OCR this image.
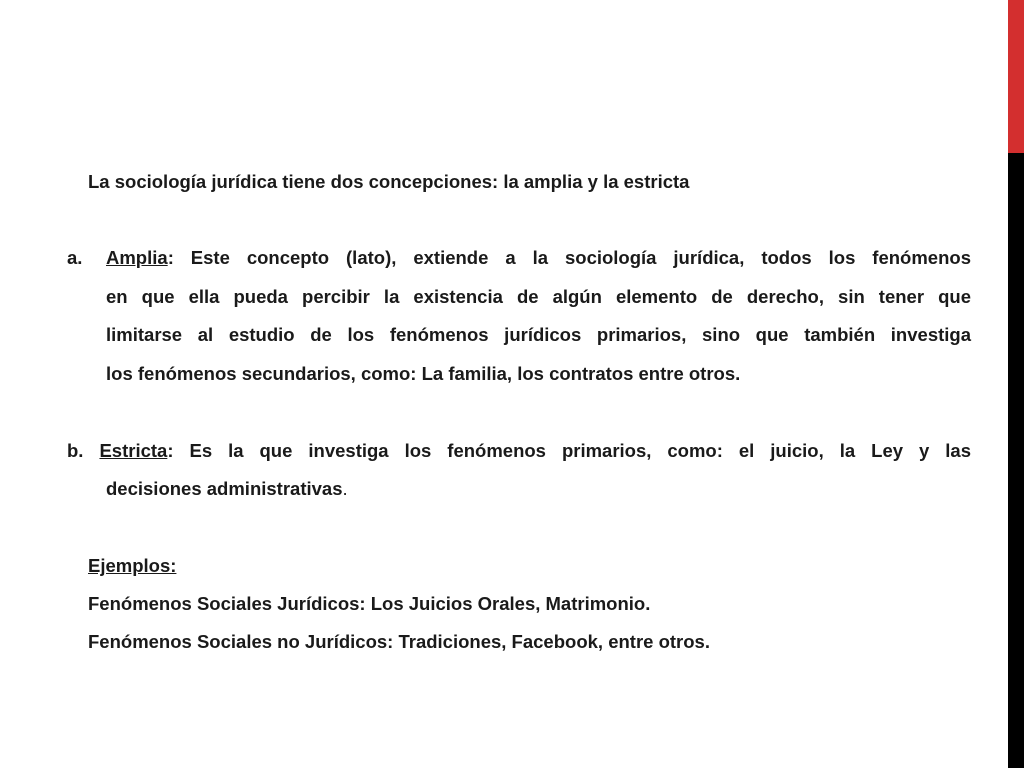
La sociología jurídica tiene dos concepciones: la amplia y la estricta
a. Amplia: Este concepto (lato), extiende a la sociología jurídica, todos los fenómenos
en que ella pueda percibir la existencia de algún elemento de derecho, sin tener que
limitarse al estudio de los fenómenos jurídicos primarios, sino que también investiga
los fenómenos secundarios, como: La familia, los contratos entre otros.
b. Estricta: Es la que investiga los fenómenos primarios, como: el juicio, la Ley y las
decisiones administrativas.
Ejemplos:
Fenómenos Sociales Jurídicos: Los Juicios Orales, Matrimonio.
Fenómenos Sociales no Jurídicos: Tradiciones, Facebook, entre otros.
